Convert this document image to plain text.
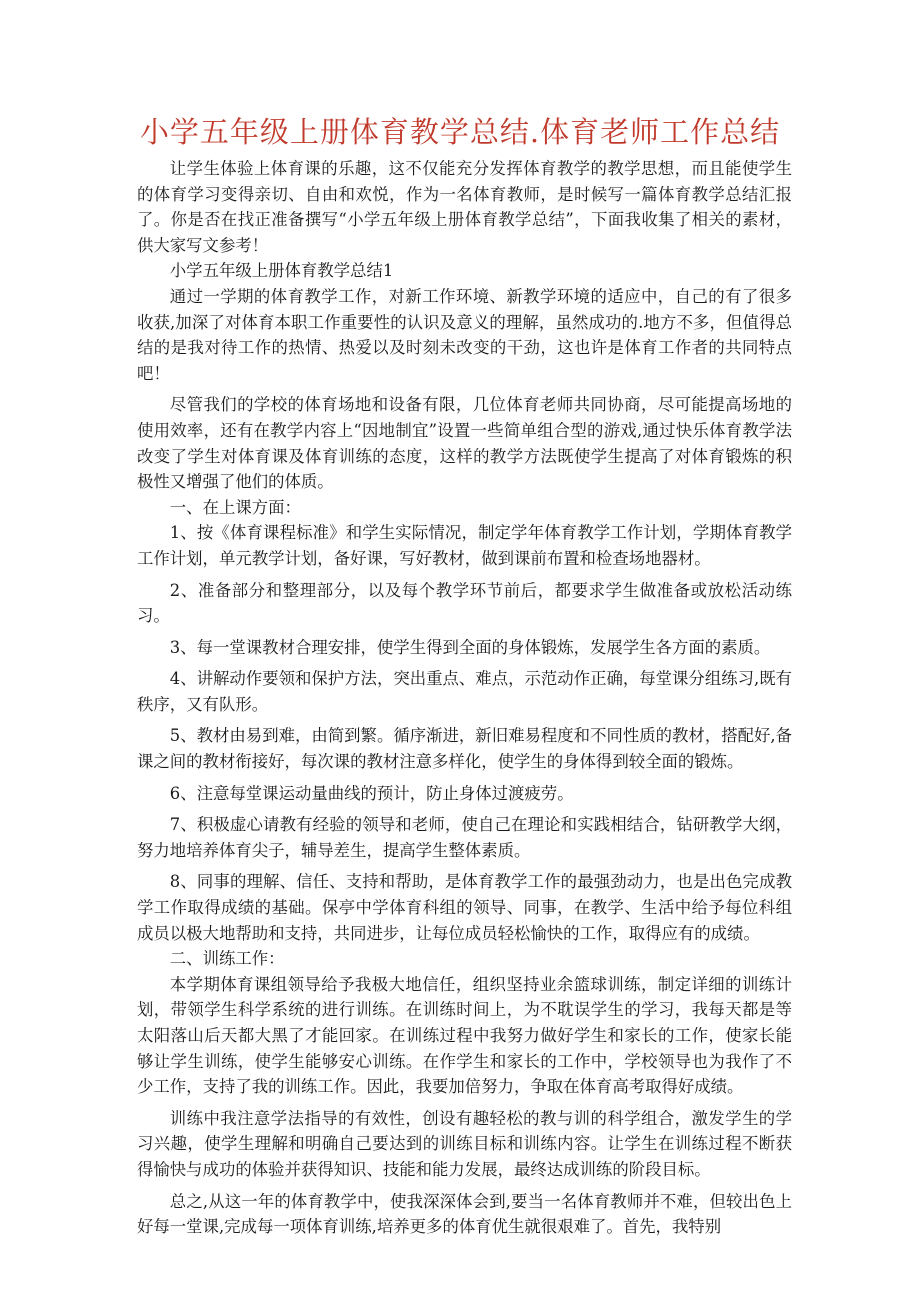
小学五年级上册体育教学总结.体育老师工作总结

让学生体验上体育课的乐趣，这不仅能充分发挥体育教学的教学思想，而且能使学生的体育学习变得亲切、自由和欢悦，作为一名体育教师，是时候写一篇体育教学总结汇报了。你是否在找正准备撰写“小学五年级上册体育教学总结”，下面我收集了相关的素材，供大家写文参考！

小学五年级上册体育教学总结1

通过一学期的体育教学工作，对新工作环境、新教学环境的适应中，自己的有了很多收获,加深了对体育本职工作重要性的认识及意义的理解，虽然成功的.地方不多，但值得总结的是我对待工作的热情、热爱以及时刻未改变的干劲，这也许是体育工作者的共同特点吧！

尽管我们的学校的体育场地和设备有限，几位体育老师共同协商，尽可能提高场地的使用效率，还有在教学内容上“因地制宜”设置一些简单组合型的游戏,通过快乐体育教学法改变了学生对体育课及体育训练的态度，这样的教学方法既使学生提高了对体育锻炼的积极性又增强了他们的体质。

一、在上课方面：

1、按《体育课程标准》和学生实际情况，制定学年体育教学工作计划，学期体育教学工作计划，单元教学计划，备好课，写好教材，做到课前布置和检查场地器材。

2、准备部分和整理部分，以及每个教学环节前后，都要求学生做准备或放松活动练习。

3、每一堂课教材合理安排，使学生得到全面的身体锻炼，发展学生各方面的素质。

4、讲解动作要领和保护方法，突出重点、难点，示范动作正确，每堂课分组练习,既有秩序，又有队形。

5、教材由易到难，由简到繁。循序渐进，新旧难易程度和不同性质的教材，搭配好,备课之间的教材衔接好，每次课的教材注意多样化，使学生的身体得到较全面的锻炼。

6、注意每堂课运动量曲线的预计，防止身体过渡疲劳。

7、积极虚心请教有经验的领导和老师，使自己在理论和实践相结合，钻研教学大纲，努力地培养体育尖子，辅导差生，提高学生整体素质。

8、同事的理解、信任、支持和帮助，是体育教学工作的最强劲动力，也是出色完成教学工作取得成绩的基础。保亭中学体育科组的领导、同事，在教学、生活中给予每位科组成员以极大地帮助和支持，共同进步，让每位成员轻松愉快的工作，取得应有的成绩。

二、训练工作：

本学期体育课组领导给予我极大地信任，组织坚持业余篮球训练，制定详细的训练计划，带领学生科学系统的进行训练。在训练时间上，为不耽误学生的学习，我每天都是等太阳落山后天都大黑了才能回家。在训练过程中我努力做好学生和家长的工作，使家长能够让学生训练，使学生能够安心训练。在作学生和家长的工作中，学校领导也为我作了不少工作，支持了我的训练工作。因此，我要加倍努力，争取在体育高考取得好成绩。

训练中我注意学法指导的有效性，创设有趣轻松的教与训的科学组合，激发学生的学习兴趣，使学生理解和明确自己要达到的训练目标和训练内容。让学生在训练过程不断获得愉快与成功的体验并获得知识、技能和能力发展，最终达成训练的阶段目标。

总之,从这一年的体育教学中，使我深深体会到,要当一名体育教师并不难，但较出色上好每一堂课,完成每一项体育训练,培养更多的体育优生就很艰难了。首先，我特别
